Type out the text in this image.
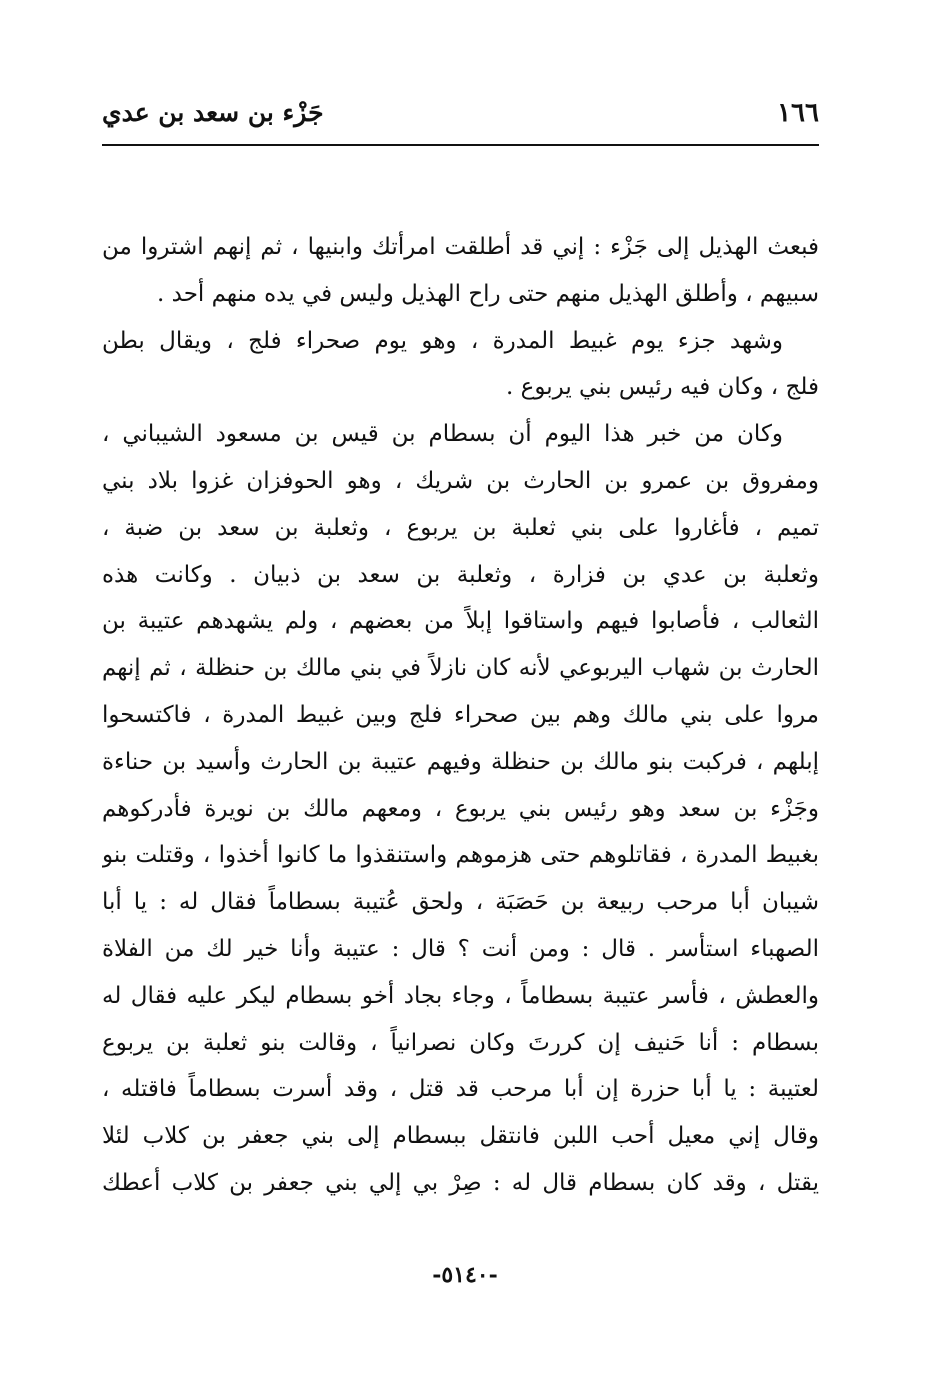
١٦٦
جَزْء بن سعد بن عدي
فبعث الهذيل إلى جَزْء : إني قد أطلقت امرأتك وابنيها ، ثم إنهم اشتروا من
سبيهم ، وأطلق الهذيل منهم حتى راح الهذيل وليس في يده منهم أحد .
وشهد جزء يوم غبيط المدرة ، وهو يوم صحراء فلج ، ويقال بطن
فلج ، وكان فيه رئيس بني يربوع .
وكان من خبر هذا اليوم أن بسطام بن قيس بن مسعود الشيباني ،
ومفروق بن عمرو بن الحارث بن شريك ، وهو الحوفزان غزوا بلاد بني
تميم ، فأغاروا على بني ثعلبة بن يربوع ، وثعلبة بن سعد بن ضبة ،
وثعلبة بن عدي بن فزارة ، وثعلبة بن سعد بن ذبيان . وكانت هذه
الثعالب ، فأصابوا فيهم واستاقوا إبلاً من بعضهم ، ولم يشهدهم عتيبة بن
الحارث بن شهاب اليربوعي لأنه كان نازلاً في بني مالك بن حنظلة ، ثم إنهم
مروا على بني مالك وهم بين صحراء فلج وبين غبيط المدرة ، فاكتسحوا
إبلهم ، فركبت بنو مالك بن حنظلة وفيهم عتيبة بن الحارث وأسيد بن حناءة
وجَزْء بن سعد وهو رئيس بني يربوع ، ومعهم مالك بن نويرة فأدركوهم
بغبيط المدرة ، فقاتلوهم حتى هزموهم واستنقذوا ما كانوا أخذوا ، وقتلت بنو
شيبان أبا مرحب ربيعة بن حَصَبَة ، ولحق عُتيبة بسطاماً فقال له : يا أبا
الصهباء استأسر . قال : ومن أنت ؟ قال : عتيبة وأنا خير لك من الفلاة
والعطش ، فأسر عتيبة بسطاماً ، وجاء بجاد أخو بسطام ليكر عليه فقال له
بسطام : أنا حَنيف إن كررتَ وكان نصرانياً ، وقالت بنو ثعلبة بن يربوع
لعتيبة : يا أبا حزرة إن أبا مرحب قد قتل ، وقد أسرت بسطاماً فاقتله ،
وقال إني معيل أحب اللبن فانتقل ببسطام إلى بني جعفر بن كلاب لئلا
يقتل ، وقد كان بسطام قال له : صِرْ بي إلي بني جعفر بن كلاب أعطك
-٥١٤٠-
